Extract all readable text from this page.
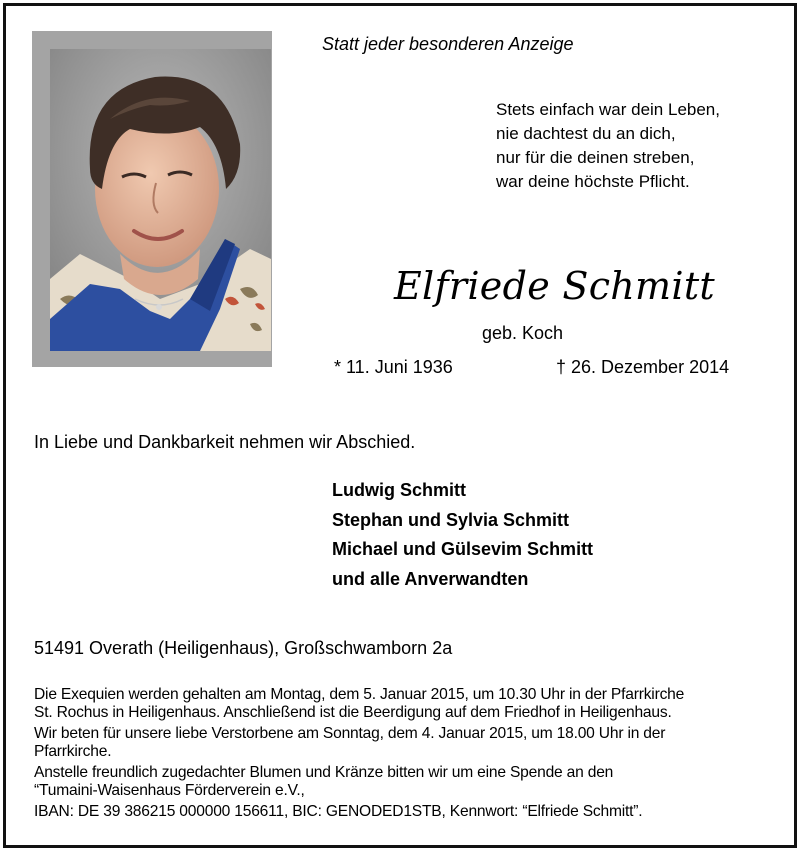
Statt jeder besonderen Anzeige
Stets einfach war dein Leben,
nie dachtest du an dich,
nur für die deinen streben,
war deine höchste Pflicht.
Elfriede Schmitt
geb. Koch
* 11. Juni 1936	† 26. Dezember 2014
In Liebe und Dankbarkeit nehmen wir Abschied.
Ludwig Schmitt
Stephan und Sylvia Schmitt
Michael und Gülsevim Schmitt
und alle Anverwandten
51491 Overath (Heiligenhaus), Großschwamborn 2a
Die Exequien werden gehalten am Montag, dem 5. Januar 2015, um 10.30 Uhr in der Pfarrkirche
St. Rochus in Heiligenhaus. Anschließend ist die Beerdigung auf dem Friedhof in Heiligenhaus.
Wir beten für unsere liebe Verstorbene am Sonntag, dem 4. Januar 2015, um 18.00 Uhr in der
Pfarrkirche.
Anstelle freundlich zugedachter Blumen und Kränze bitten wir um eine Spende an den
“Tumaini-Waisenhaus Förderverein e.V.,
IBAN: DE 39 386215 000000 156611, BIC: GENODED1STB, Kennwort: “Elfriede Schmitt”.
